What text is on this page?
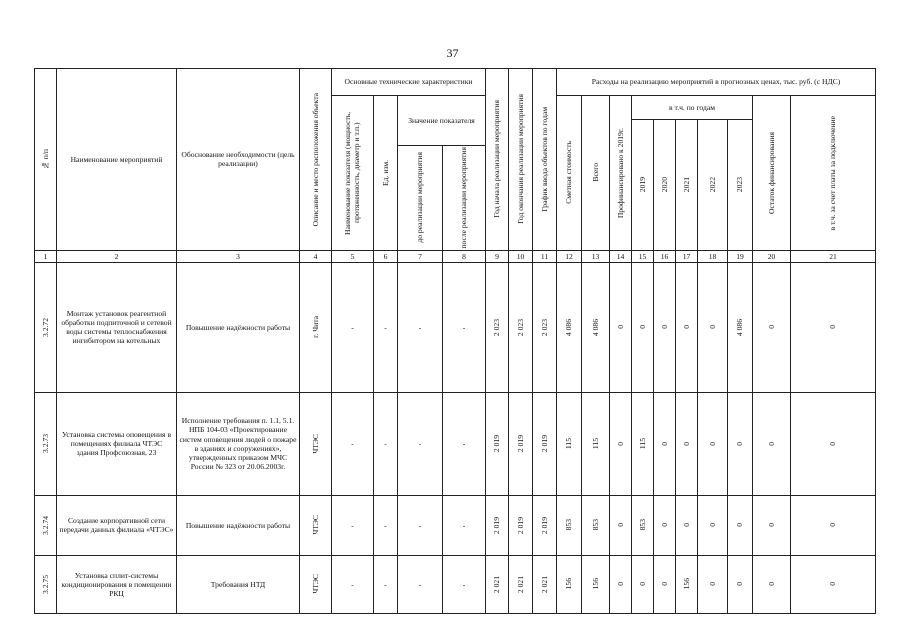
37
№ п/п	Наименование мероприятий	Обоснование необходимости (цель реализации)	Описание и место расположения объекта	Основные технические характеристики				Год начала реализации мероприятия	Год окончания реализации мероприятия	График ввода объектов по годам	Расходы на реализацию мероприятий в прогнозных ценах, тыс. руб. (с НДС)									

				Наименование показателя (мощность, протяженность, диаметр и т.п.)	Ед. изм.	Значение показателя					Сметная стоимость	Всего	Профинансировано к 2019г.	в т.ч. по годам					Остаток финансирования	в т.ч. за счет платы за подключение

														2019	2020	2021	2022	2023		

						до реализации мероприятия	после реализации мероприятия													

1	2	3	4	5	6	7	8	9	10	11	12	13	14	15	16	17	18	19	20	21

3.2.72	Монтаж установок реагентной обработки подпиточной и сетевой воды системы теплоснабжения ингибитором на котельных	Повышение надёжности работы	г. Чита	-	-	-	-	2 023	2 023	2 023	4 086	4 086	0	0	0	0	0	4 086	0	0

3.2.73	Установка системы оповещения в помещениях филиала ЧТЭС здания Профсоюзная, 23	Исполнение требования п. 1.1, 5.1. НПБ 104-03 «Проектирование систем оповещения людей о пожаре в зданиях и сооружениях», утвержденных приказом МЧС России № 323 от 20.06.2003г.	ЧТЭС	-	-	-	-	2 019	2 019	2 019	115	115	0	115	0	0	0	0	0	0

3.2.74	Создание корпоративной сети передачи данных филиала «ЧТЭС»	Повышение надёжности работы	ЧТЭС	-	-	-	-	2 019	2 019	2 019	853	853	0	853	0	0	0	0	0	0

3.2.75	Установка сплит-системы кондиционирования в помещении РКЦ	Требования НТД	ЧТЭС	-	-	-	-	2 021	2 021	2 021	156	156	0	0	0	156	0	0	0	0
